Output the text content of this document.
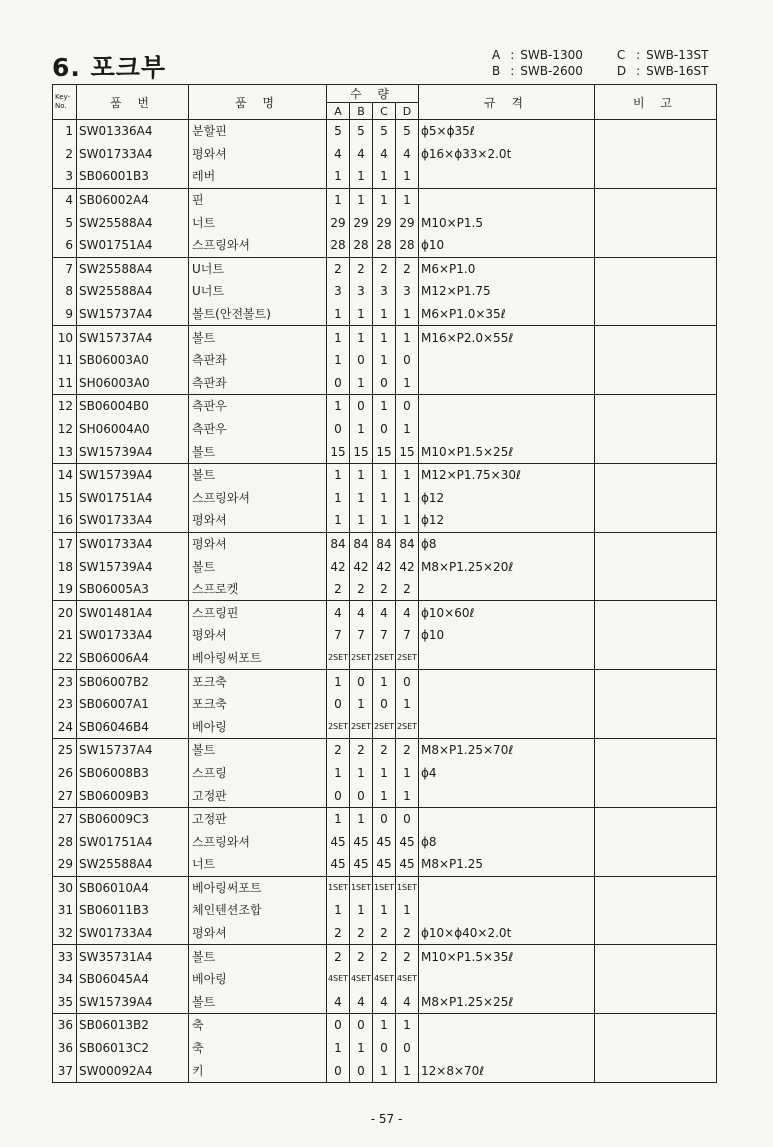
6. 포크부	A	:	SWB-1300		C	:	SWB-13ST
B	:	SWB-2600		D	:	SWB-16ST
Key-
No.	품 번	품 명	수 량				규 격	비 고
			A	B	C	D		
1	SW01336A4	분할핀	5	5	5	5	ϕ5×ϕ35ℓ	
2	SW01733A4	평와셔	4	4	4	4	ϕ16×ϕ33×2.0t	
3	SB06001B3	레버	1	1	1	1		
4	SB06002A4	핀	1	1	1	1		
5	SW25588A4	너트	29	29	29	29	M10×P1.5	
6	SW01751A4	스프링와셔	28	28	28	28	ϕ10	
7	SW25588A4	U너트	2	2	2	2	M6×P1.0	
8	SW25588A4	U너트	3	3	3	3	M12×P1.75	
9	SW15737A4	볼트(안전볼트)	1	1	1	1	M6×P1.0×35ℓ	
10	SW15737A4	볼트	1	1	1	1	M16×P2.0×55ℓ	
11	SB06003A0	측판좌	1	0	1	0		
11	SH06003A0	측판좌	0	1	0	1		
12	SB06004B0	측판우	1	0	1	0		
12	SH06004A0	측판우	0	1	0	1		
13	SW15739A4	볼트	15	15	15	15	M10×P1.5×25ℓ	
14	SW15739A4	볼트	1	1	1	1	M12×P1.75×30ℓ	
15	SW01751A4	스프링와셔	1	1	1	1	ϕ12	
16	SW01733A4	평와셔	1	1	1	1	ϕ12	
17	SW01733A4	평와셔	84	84	84	84	ϕ8	
18	SW15739A4	볼트	42	42	42	42	M8×P1.25×20ℓ	
19	SB06005A3	스프로켓	2	2	2	2		
20	SW01481A4	스프링핀	4	4	4	4	ϕ10×60ℓ	
21	SW01733A4	평와셔	7	7	7	7	ϕ10	
22	SB06006A4	베아링써포트	2SET	2SET	2SET	2SET		
23	SB06007B2	포크축	1	0	1	0		
23	SB06007A1	포크축	0	1	0	1		
24	SB06046B4	베아링	2SET	2SET	2SET	2SET		
25	SW15737A4	볼트	2	2	2	2	M8×P1.25×70ℓ	
26	SB06008B3	스프링	1	1	1	1	ϕ4	
27	SB06009B3	고정판	0	0	1	1		
27	SB06009C3	고정판	1	1	0	0		
28	SW01751A4	스프링와셔	45	45	45	45	ϕ8	
29	SW25588A4	너트	45	45	45	45	M8×P1.25	
30	SB06010A4	베아링써포트	1SET	1SET	1SET	1SET		
31	SB06011B3	체인텐션조합	1	1	1	1		
32	SW01733A4	평와셔	2	2	2	2	ϕ10×ϕ40×2.0t	
33	SW35731A4	볼트	2	2	2	2	M10×P1.5×35ℓ	
34	SB06045A4	베아링	4SET	4SET	4SET	4SET		
35	SW15739A4	볼트	4	4	4	4	M8×P1.25×25ℓ	
36	SB06013B2	축	0	0	1	1		
36	SB06013C2	축	1	1	0	0		
37	SW00092A4	키	0	0	1	1	12×8×70ℓ	
- 57 -
